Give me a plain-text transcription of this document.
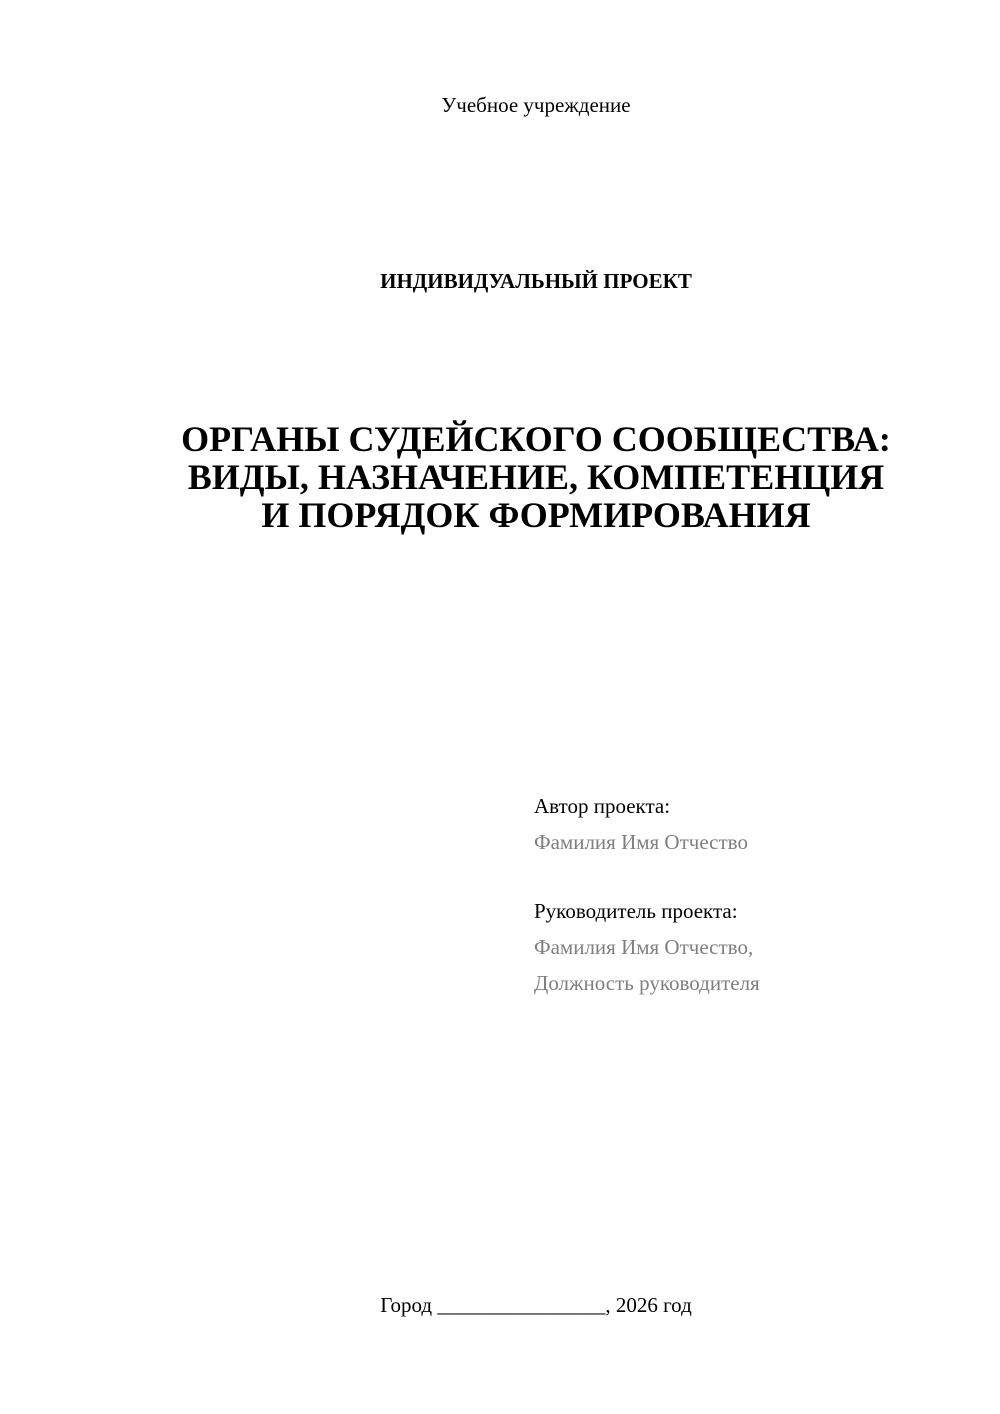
Учебное учреждение
ИНДИВИДУАЛЬНЫЙ ПРОЕКТ
ОРГАНЫ СУДЕЙСКОГО СООБЩЕСТВА:
ВИДЫ, НАЗНАЧЕНИЕ, КОМПЕТЕНЦИЯ
И ПОРЯДОК ФОРМИРОВАНИЯ
Автор проекта:
Фамилия Имя Отчество
Руководитель проекта:
Фамилия Имя Отчество,
Должность руководителя
Город ________________, 2026 год
